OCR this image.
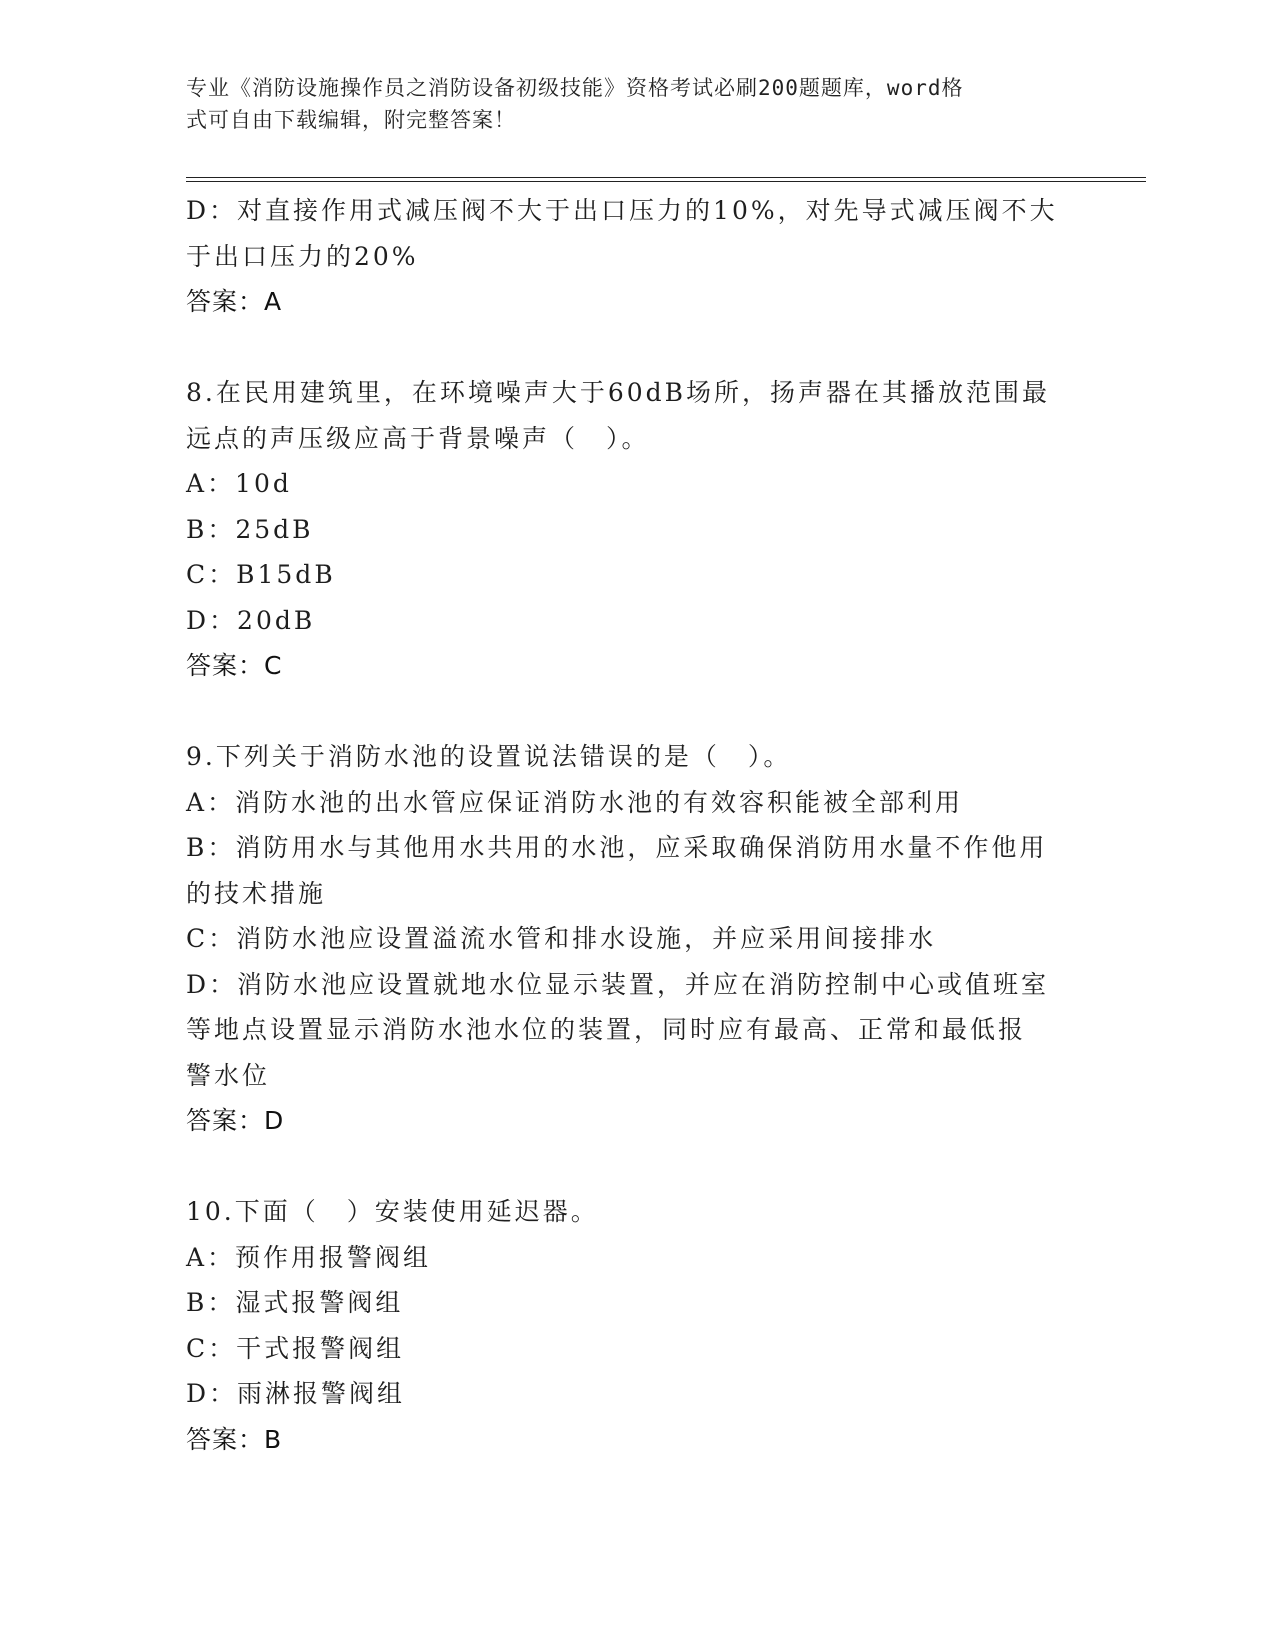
专业《消防设施操作员之消防设备初级技能》资格考试必刷200题题库，word格
式可自由下载编辑，附完整答案！

D：对直接作用式减压阀不大于出口压力的10%，对先导式减压阀不大

于出口压力的20%

答案：A

8.在民用建筑里，在环境噪声大于60dB场所，扬声器在其播放范围最

远点的声压级应高于背景噪声（　）。

A：10d

B：25dB

C：B15dB

D：20dB

答案：C

9.下列关于消防水池的设置说法错误的是（　）。

A：消防水池的出水管应保证消防水池的有效容积能被全部利用

B：消防用水与其他用水共用的水池，应采取确保消防用水量不作他用

的技术措施

C：消防水池应设置溢流水管和排水设施，并应采用间接排水

D：消防水池应设置就地水位显示装置，并应在消防控制中心或值班室

等地点设置显示消防水池水位的装置，同时应有最高、正常和最低报

警水位

答案：D

10.下面（　）安装使用延迟器。

A：预作用报警阀组

B：湿式报警阀组

C：干式报警阀组

D：雨淋报警阀组

答案：B
